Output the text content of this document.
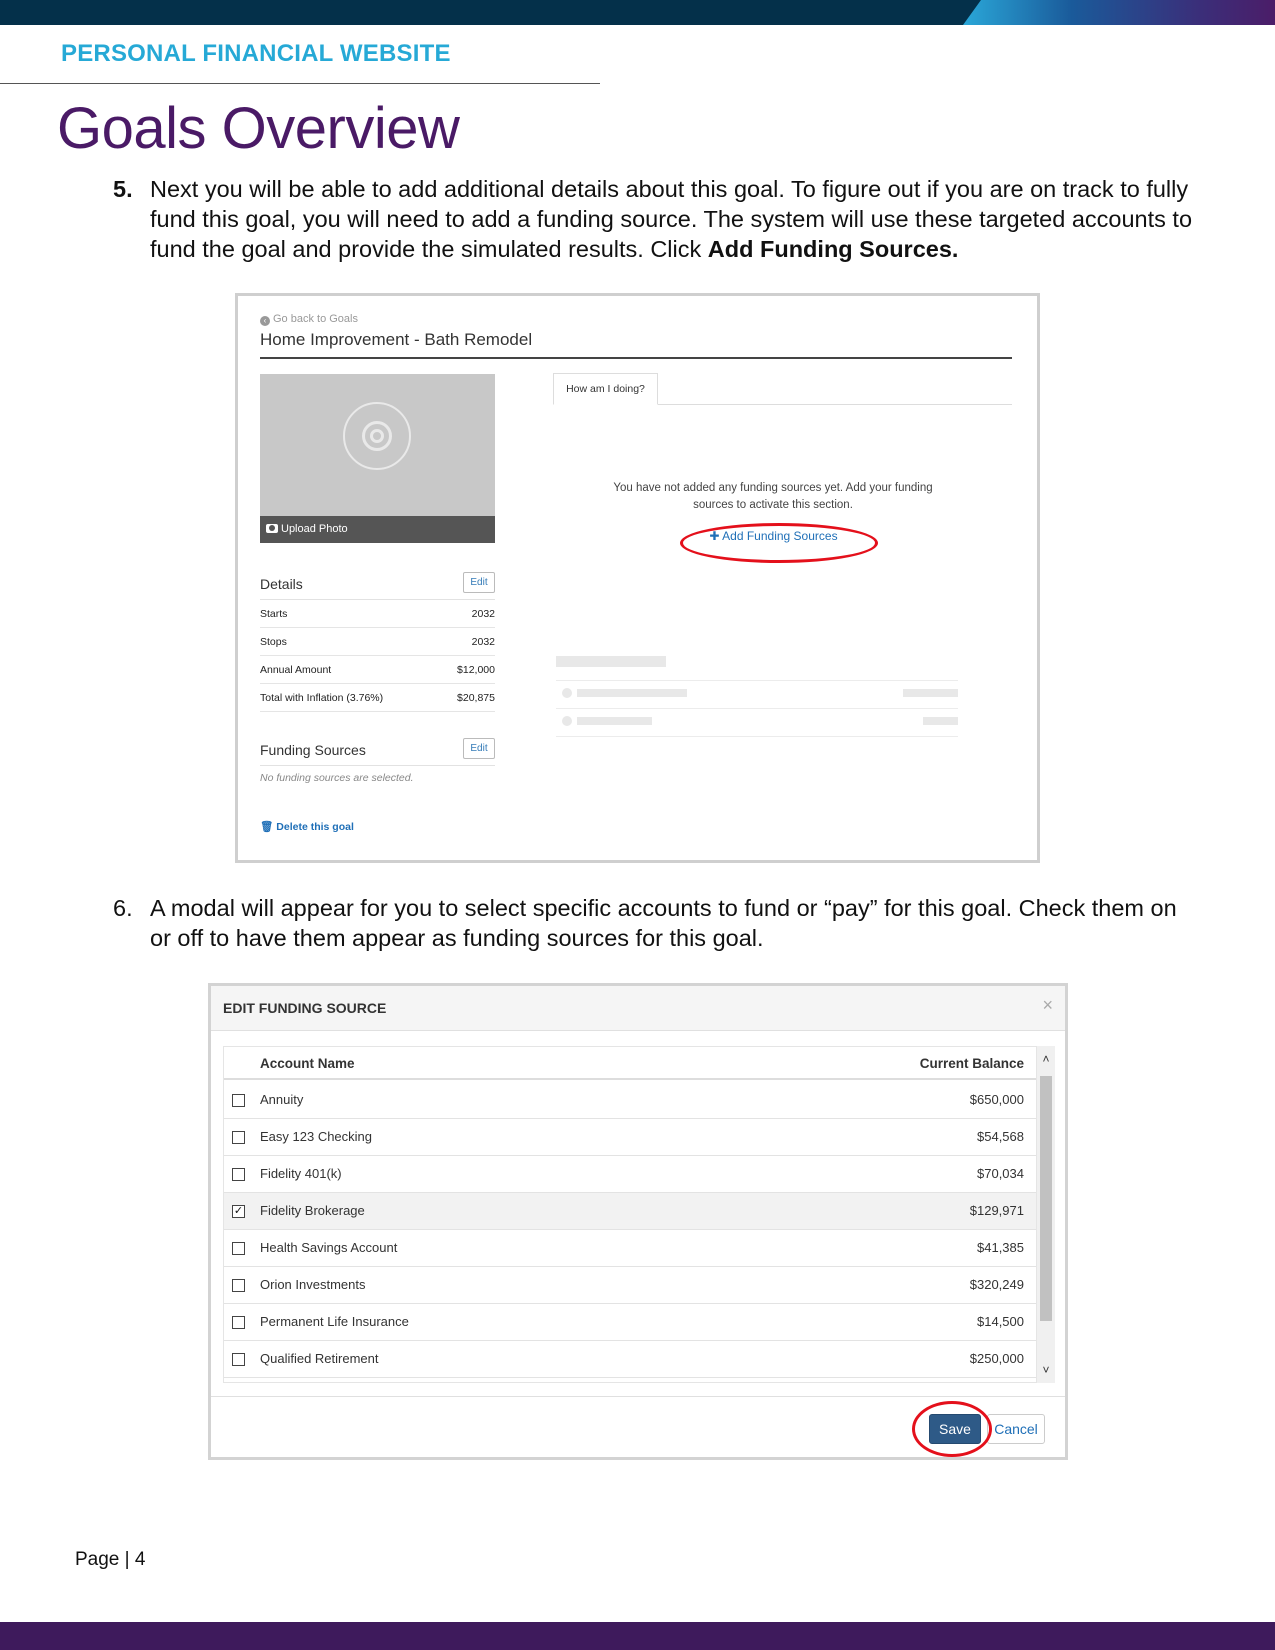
PERSONAL FINANCIAL WEBSITE
Goals Overview
5. Next you will be able to add additional details about this goal. To figure out if you are on track to fully fund this goal, you will need to add a funding source. The system will use these targeted accounts to fund the goal and provide the simulated results. Click Add Funding Sources.
‹ Go back to Goals
Home Improvement - Bath Remodel
Upload Photo
Details	Edit
Starts	2032
Stops	2032
Annual Amount	$12,000
Total with Inflation (3.76%)	$20,875
Funding Sources	Edit
No funding sources are selected.
🗑 Delete this goal
How am I doing?
You have not added any funding sources yet. Add your funding sources to activate this section.
✚ Add Funding Sources
6. A modal will appear for you to select specific accounts to fund or “pay” for this goal. Check them on or off to have them appear as funding sources for this goal.
EDIT FUNDING SOURCE	×
Account Name	Current Balance
Annuity	$650,000
Easy 123 Checking	$54,568
Fidelity 401(k)	$70,034
✓ Fidelity Brokerage	$129,971
Health Savings Account	$41,385
Orion Investments	$320,249
Permanent Life Insurance	$14,500
Qualified Retirement	$250,000
˄
˅
Save	Cancel
Page | 4
